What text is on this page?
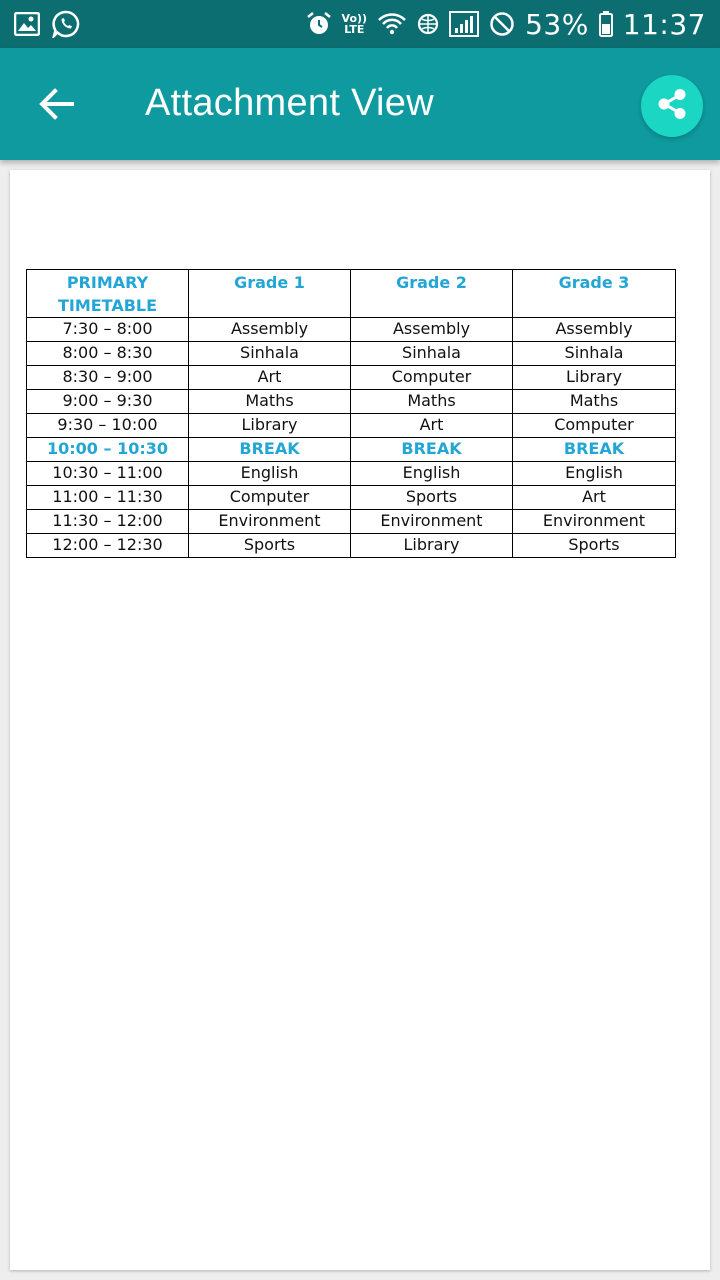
Vo))
LTE	53% 11:37
Attachment View
PRIMARY TIMETABLE	Grade 1	Grade 2	Grade 3
7:30 – 8:00	Assembly	Assembly	Assembly
8:00 – 8:30	Sinhala	Sinhala	Sinhala
8:30 – 9:00	Art	Computer	Library
9:00 – 9:30	Maths	Maths	Maths
9:30 – 10:00	Library	Art	Computer
10:00 – 10:30	BREAK	BREAK	BREAK
10:30 – 11:00	English	English	English
11:00 – 11:30	Computer	Sports	Art
11:30 – 12:00	Environment	Environment	Environment
12:00 – 12:30	Sports	Library	Sports
